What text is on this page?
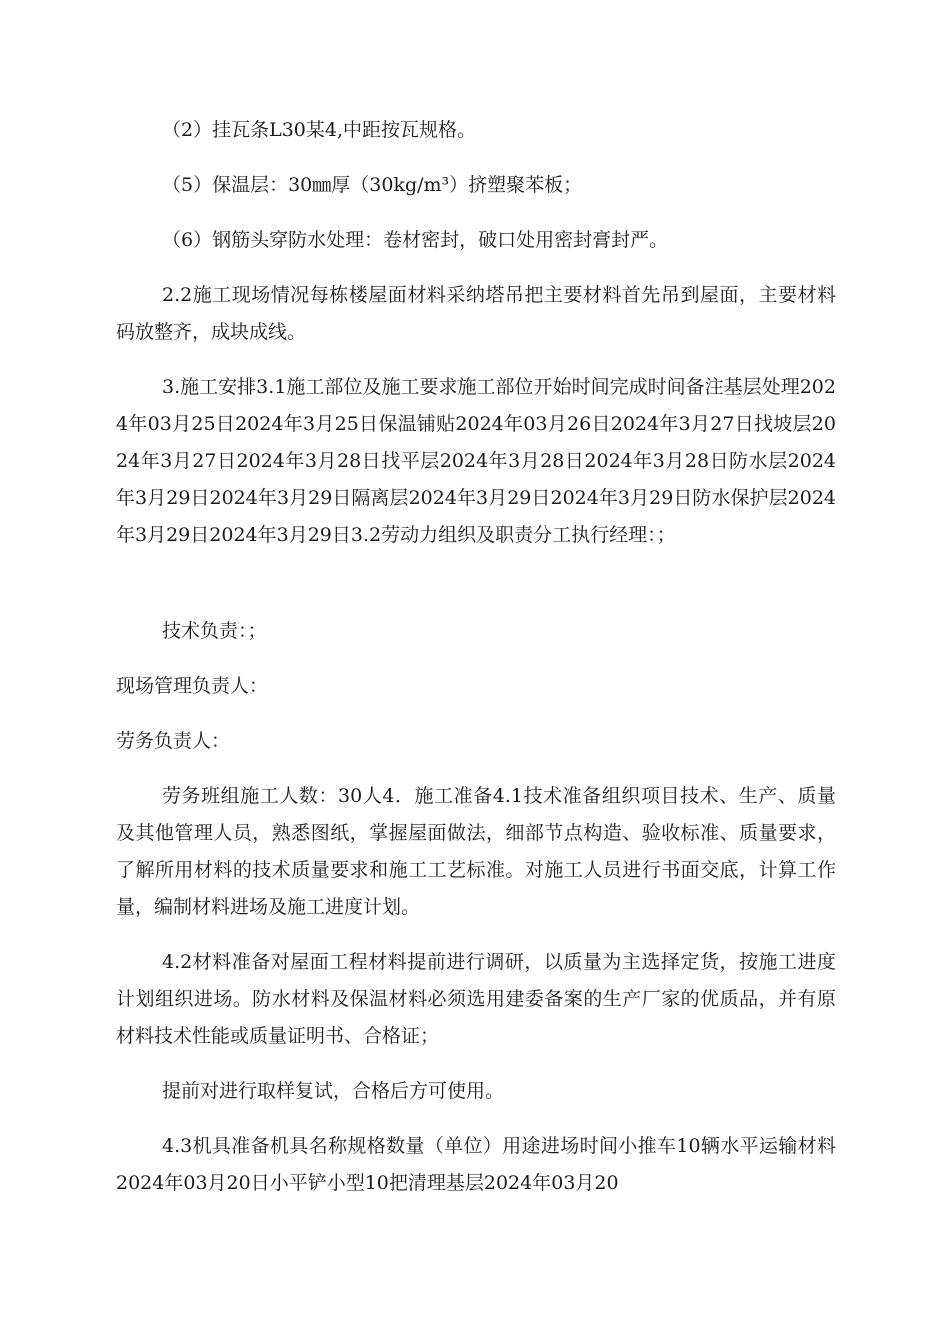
（2）挂瓦条L30某4,中距按瓦规格。

（5）保温层：30㎜厚（30kg/m³）挤塑聚苯板；

（6）钢筋头穿防水处理：卷材密封，破口处用密封膏封严。

2.2施工现场情况每栋楼屋面材料采纳塔吊把主要材料首先吊到屋面，主要材料码放整齐，成块成线。

3.施工安排3.1施工部位及施工要求施工部位开始时间完成时间备注基层处理2024年03月25日2024年3月25日保温铺贴2024年03月26日2024年3月27日找坡层2024年3月27日2024年3月28日找平层2024年3月28日2024年3月28日防水层2024年3月29日2024年3月29日隔离层2024年3月29日2024年3月29日防水保护层2024年3月29日2024年3月29日3.2劳动力组织及职责分工执行经理：；

技术负责：；

现场管理负责人：

劳务负责人：

劳务班组施工人数：30人4．施工准备4.1技术准备组织项目技术、生产、质量及其他管理人员，熟悉图纸，掌握屋面做法，细部节点构造、验收标准、质量要求，了解所用材料的技术质量要求和施工工艺标准。对施工人员进行书面交底，计算工作量，编制材料进场及施工进度计划。

4.2材料准备对屋面工程材料提前进行调研，以质量为主选择定货，按施工进度计划组织进场。防水材料及保温材料必须选用建委备案的生产厂家的优质品，并有原材料技术性能或质量证明书、合格证；

提前对进行取样复试，合格后方可使用。

4.3机具准备机具名称规格数量（单位）用途进场时间小推车10辆水平运输材料2024年03月20日小平铲小型10把清理基层2024年03月20
